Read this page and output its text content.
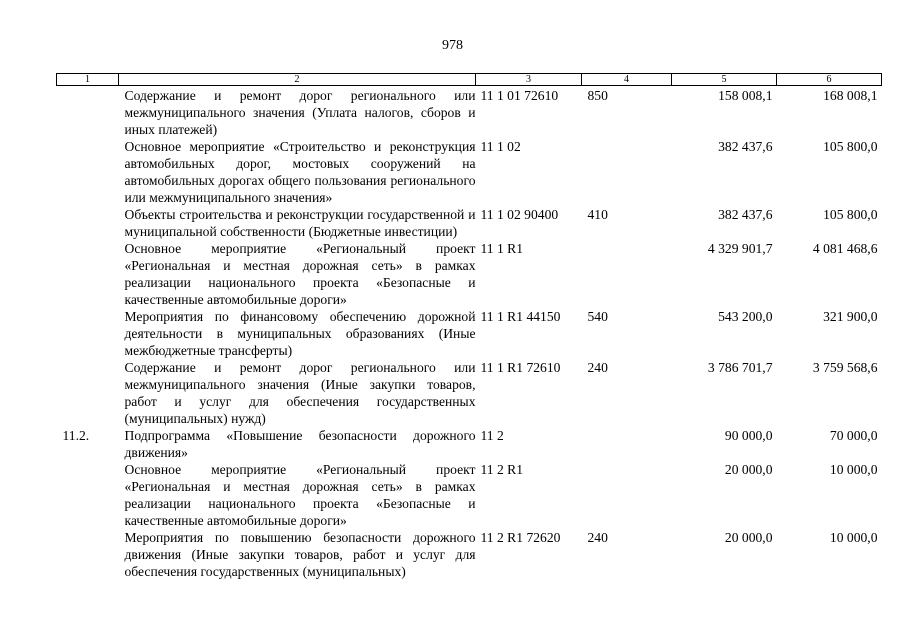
978
1	2	3	4	5	6
	Содержание и ремонт дорог регионального или межмуниципального значения (Уплата налогов, сборов и иных платежей)	11 1 01 72610	850	158 008,1	168 008,1
	Основное мероприятие «Строительство и реконструкция автомобильных дорог, мостовых сооружений на автомобильных дорогах общего пользования регионального или межмуниципального значения»	11 1 02		382 437,6	105 800,0
	Объекты строительства и реконструкции государственной и муниципальной собственности (Бюджетные инвестиции)	11 1 02 90400	410	382 437,6	105 800,0
	Основное мероприятие «Региональный проект «Региональная и местная дорожная сеть» в рамках реализации национального проекта «Безопасные и качественные автомобильные дороги»	11 1 R1		4 329 901,7	4 081 468,6
	Мероприятия по финансовому обеспечению дорожной деятельности в муниципальных образованиях (Иные межбюджетные трансферты)	11 1 R1 44150	540	543 200,0	321 900,0
	Содержание и ремонт дорог регионального или межмуниципального значения (Иные закупки товаров, работ и услуг для обеспечения государственных (муниципальных) нужд)	11 1 R1 72610	240	3 786 701,7	3 759 568,6
11.2.	Подпрограмма «Повышение безопасности дорожного движения»	11 2		90 000,0	70 000,0
	Основное мероприятие «Региональный проект «Региональная и местная дорожная сеть» в рамках реализации национального проекта «Безопасные и качественные автомобильные дороги»	11 2 R1		20 000,0	10 000,0
	Мероприятия по повышению безопасности дорожного движения (Иные закупки товаров, работ и услуг для обеспечения государственных (муниципальных)	11 2 R1 72620	240	20 000,0	10 000,0
